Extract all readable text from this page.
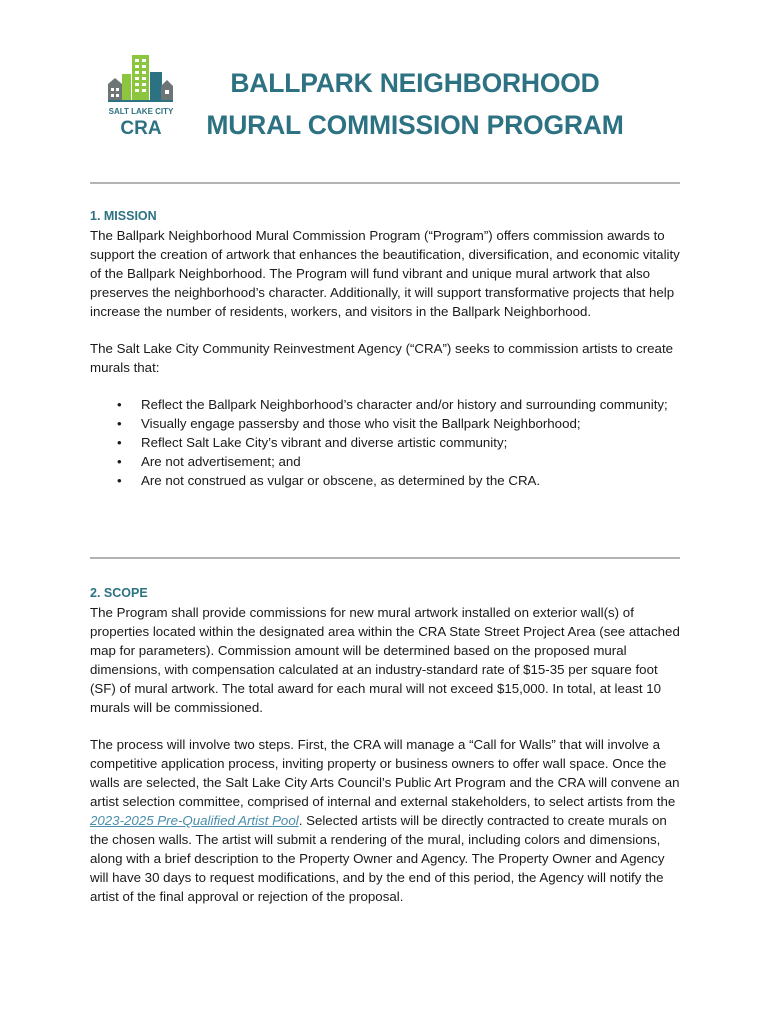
SALT LAKE CITY
CRA
BALLPARK NEIGHBORHOOD
MURAL COMMISSION PROGRAM
1. MISSION

The Ballpark Neighborhood Mural Commission Program (“Program”) offers commission awards to support the creation of artwork that enhances the beautification, diversification, and economic vitality of the Ballpark Neighborhood. The Program will fund vibrant and unique mural artwork that also preserves the neighborhood’s character. Additionally, it will support transformative projects that help increase the number of residents, workers, and visitors in the Ballpark Neighborhood.

The Salt Lake City Community Reinvestment Agency (“CRA”) seeks to commission artists to create murals that:

• Reflect the Ballpark Neighborhood’s character and/or history and surrounding community;
• Visually engage passersby and those who visit the Ballpark Neighborhood;
• Reflect Salt Lake City’s vibrant and diverse artistic community;
• Are not advertisement; and
• Are not construed as vulgar or obscene, as determined by the CRA.
2. SCOPE

The Program shall provide commissions for new mural artwork installed on exterior wall(s) of properties located within the designated area within the CRA State Street Project Area (see attached map for parameters). Commission amount will be determined based on the proposed mural dimensions, with compensation calculated at an industry-standard rate of $15-35 per square foot (SF) of mural artwork. The total award for each mural will not exceed $15,000. In total, at least 10 murals will be commissioned.

The process will involve two steps. First, the CRA will manage a “Call for Walls” that will involve a competitive application process, inviting property or business owners to offer wall space. Once the walls are selected, the Salt Lake City Arts Council’s Public Art Program and the CRA will convene an artist selection committee, comprised of internal and external stakeholders, to select artists from the 2023-2025 Pre-Qualified Artist Pool. Selected artists will be directly contracted to create murals on the chosen walls. The artist will submit a rendering of the mural, including colors and dimensions, along with a brief description to the Property Owner and Agency. The Property Owner and Agency will have 30 days to request modifications, and by the end of this period, the Agency will notify the artist of the final approval or rejection of the proposal.
